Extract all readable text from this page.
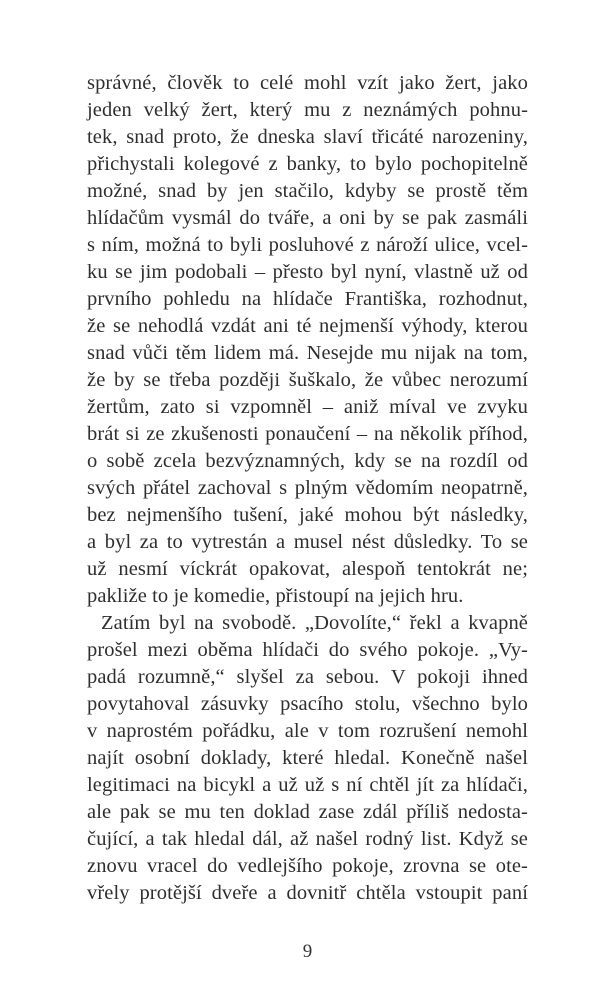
správné, člověk to celé mohl vzít jako žert, jako
jeden velký žert, který mu z neznámých pohnu-
tek, snad proto, že dneska slaví třicáté narozeniny,
přichystali kolegové z banky, to bylo pochopitelně
možné, snad by jen stačilo, kdyby se prostě těm
hlídačům vysmál do tváře, a oni by se pak zasmáli
s ním, možná to byli posluhové z nároží ulice, vcel-
ku se jim podobali – přesto byl nyní, vlastně už od
prvního pohledu na hlídače Františka, rozhodnut,
že se nehodlá vzdát ani té nejmenší výhody, kterou
snad vůči těm lidem má. Nesejde mu nijak na tom,
že by se třeba později šuškalo, že vůbec nerozumí
žertům, zato si vzpomněl – aniž míval ve zvyku
brát si ze zkušenosti ponaučení – na několik příhod,
o sobě zcela bezvýznamných, kdy se na rozdíl od
svých přátel zachoval s plným vědomím neopatrně,
bez nejmenšího tušení, jaké mohou být následky,
a byl za to vytrestán a musel nést důsledky. To se
už nesmí víckrát opakovat, alespoň tentokrát ne;
pakliže to je komedie, přistoupí na jejich hru.
Zatím byl na svobodě. „Dovolíte,“ řekl a kvapně
prošel mezi oběma hlídači do svého pokoje. „Vy-
padá rozumně,“ slyšel za sebou. V pokoji ihned
povytahoval zásuvky psacího stolu, všechno bylo
v naprostém pořádku, ale v tom rozrušení nemohl
najít osobní doklady, které hledal. Konečně našel
legitimaci na bicykl a už už s ní chtěl jít za hlídači,
ale pak se mu ten doklad zase zdál příliš nedosta-
čující, a tak hledal dál, až našel rodný list. Když se
znovu vracel do vedlejšího pokoje, zrovna se ote-
vřely protější dveře a dovnitř chtěla vstoupit paní
9
